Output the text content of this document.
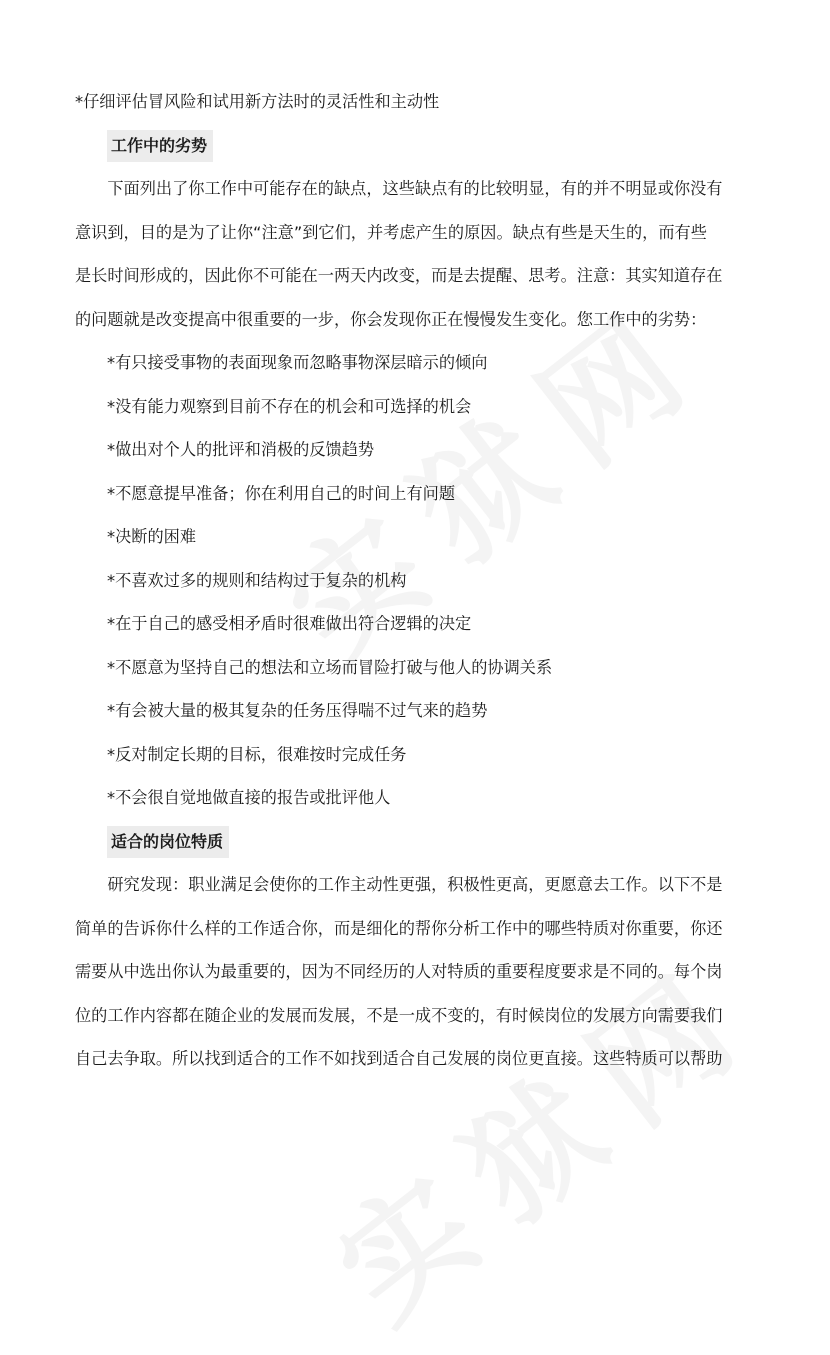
*仔细评估冒风险和试用新方法时的灵活性和主动性
工作中的劣势
　　下面列出了你工作中可能存在的缺点，这些缺点有的比较明显，有的并不明显或你没有
意识到，目的是为了让你“注意”到它们，并考虑产生的原因。缺点有些是天生的，而有些
是长时间形成的，因此你不可能在一两天内改变，而是去提醒、思考。注意：其实知道存在
的问题就是改变提高中很重要的一步，你会发现你正在慢慢发生变化。您工作中的劣势：
*有只接受事物的表面现象而忽略事物深层暗示的倾向
*没有能力观察到目前不存在的机会和可选择的机会
*做出对个人的批评和消极的反馈趋势
*不愿意提早准备；你在利用自己的时间上有问题
*决断的困难
*不喜欢过多的规则和结构过于复杂的机构
*在于自己的感受相矛盾时很难做出符合逻辑的决定
*不愿意为坚持自己的想法和立场而冒险打破与他人的协调关系
*有会被大量的极其复杂的任务压得喘不过气来的趋势
*反对制定长期的目标，很难按时完成任务
*不会很自觉地做直接的报告或批评他人
适合的岗位特质
　　研究发现：职业满足会使你的工作主动性更强，积极性更高，更愿意去工作。以下不是
简单的告诉你什么样的工作适合你，而是细化的帮你分析工作中的哪些特质对你重要，你还
需要从中选出你认为最重要的，因为不同经历的人对特质的重要程度要求是不同的。每个岗
位的工作内容都在随企业的发展而发展，不是一成不变的，有时候岗位的发展方向需要我们
自己去争取。所以找到适合的工作不如找到适合自己发展的岗位更直接。这些特质可以帮助
